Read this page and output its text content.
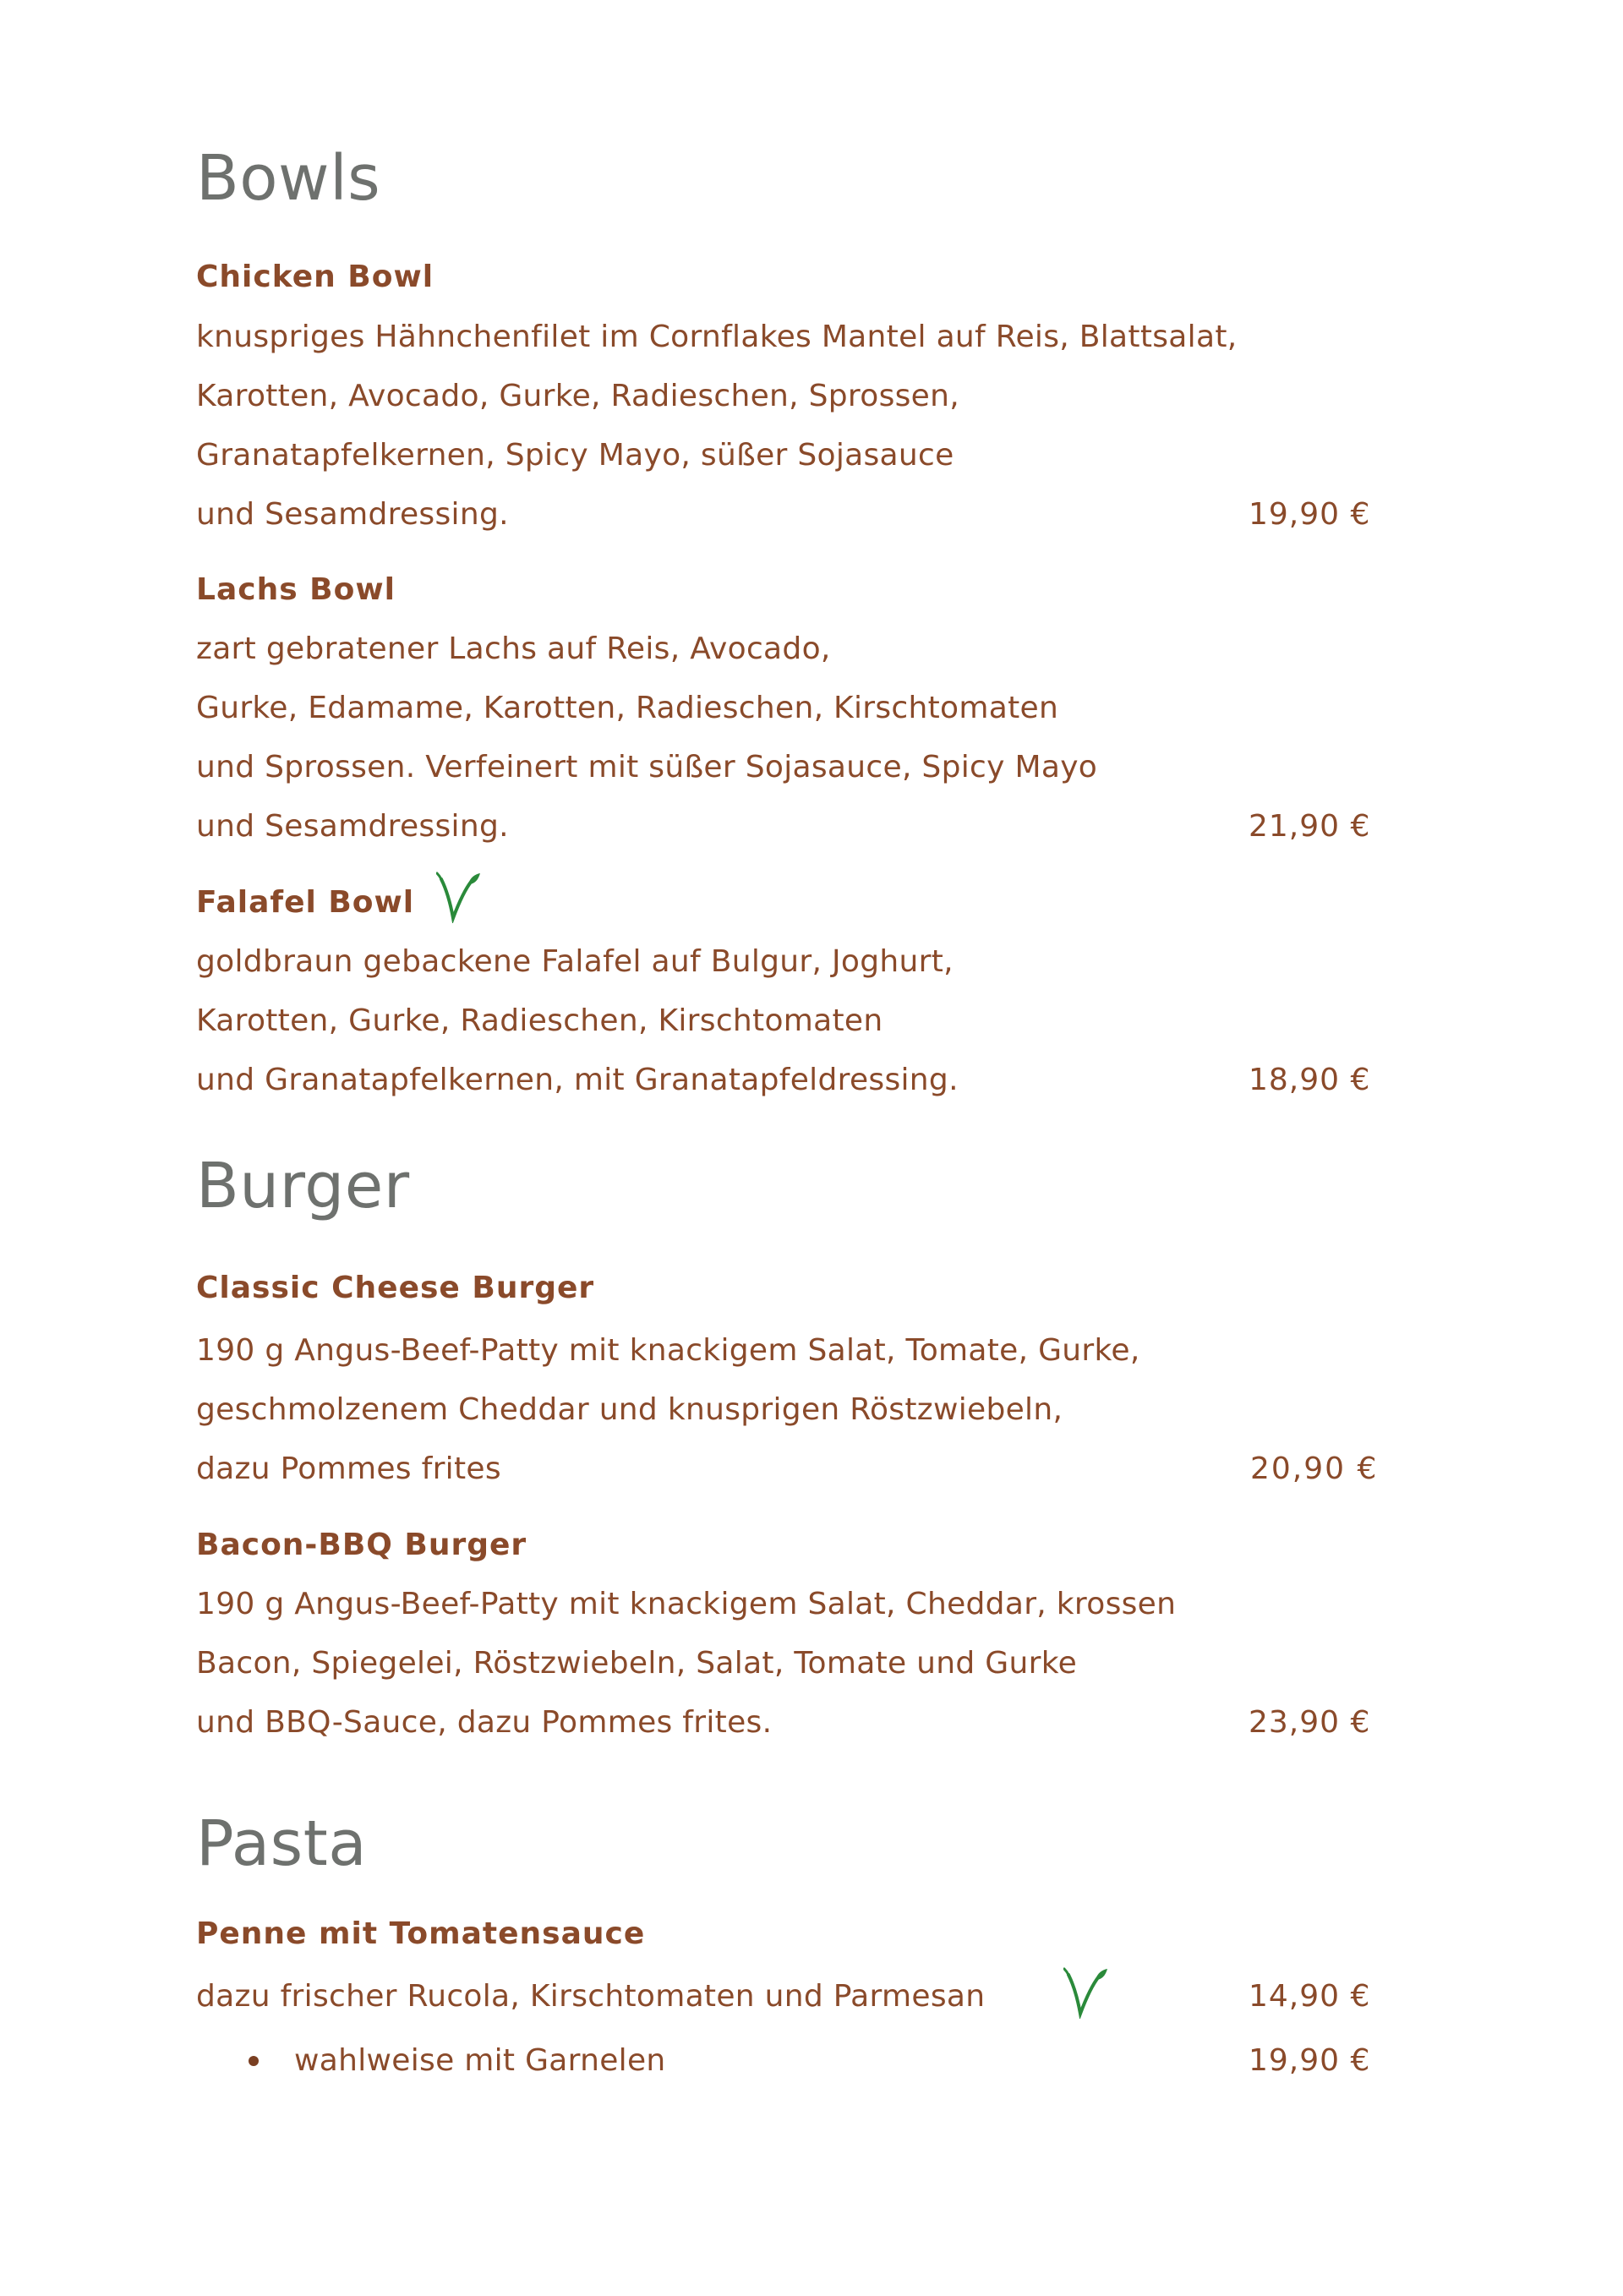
Bowls
Chicken Bowl

knuspriges Hähnchenfilet im Cornflakes Mantel auf Reis, Blattsalat,

Karotten, Avocado, Gurke, Radieschen, Sprossen,

Granatapfelkernen, Spicy Mayo, süßer Sojasauce

und Sesamdressing.	19,90 €

Lachs Bowl

zart gebratener Lachs auf Reis, Avocado,

Gurke, Edamame, Karotten, Radieschen, Kirschtomaten

und Sprossen. Verfeinert mit süßer Sojasauce, Spicy Mayo

und Sesamdressing.	21,90 €

Falafel Bowl

goldbraun gebackene Falafel auf Bulgur, Joghurt,

Karotten, Gurke, Radieschen, Kirschtomaten

und Granatapfelkernen, mit Granatapfeldressing.	18,90 €

Burger
Classic Cheese Burger

190 g Angus-Beef-Patty mit knackigem Salat, Tomate, Gurke,

geschmolzenem Cheddar und knusprigen Röstzwiebeln,

dazu Pommes frites	20,90 €

Bacon-BBQ Burger

190 g Angus-Beef-Patty mit knackigem Salat, Cheddar, krossen

Bacon, Spiegelei, Röstzwiebeln, Salat, Tomate und Gurke

und BBQ-Sauce, dazu Pommes frites.	23,90 €

Pasta
Penne mit Tomatensauce

dazu frischer Rucola, Kirschtomaten und Parmesan	14,90 €

wahlweise mit Garnelen	19,90 €
